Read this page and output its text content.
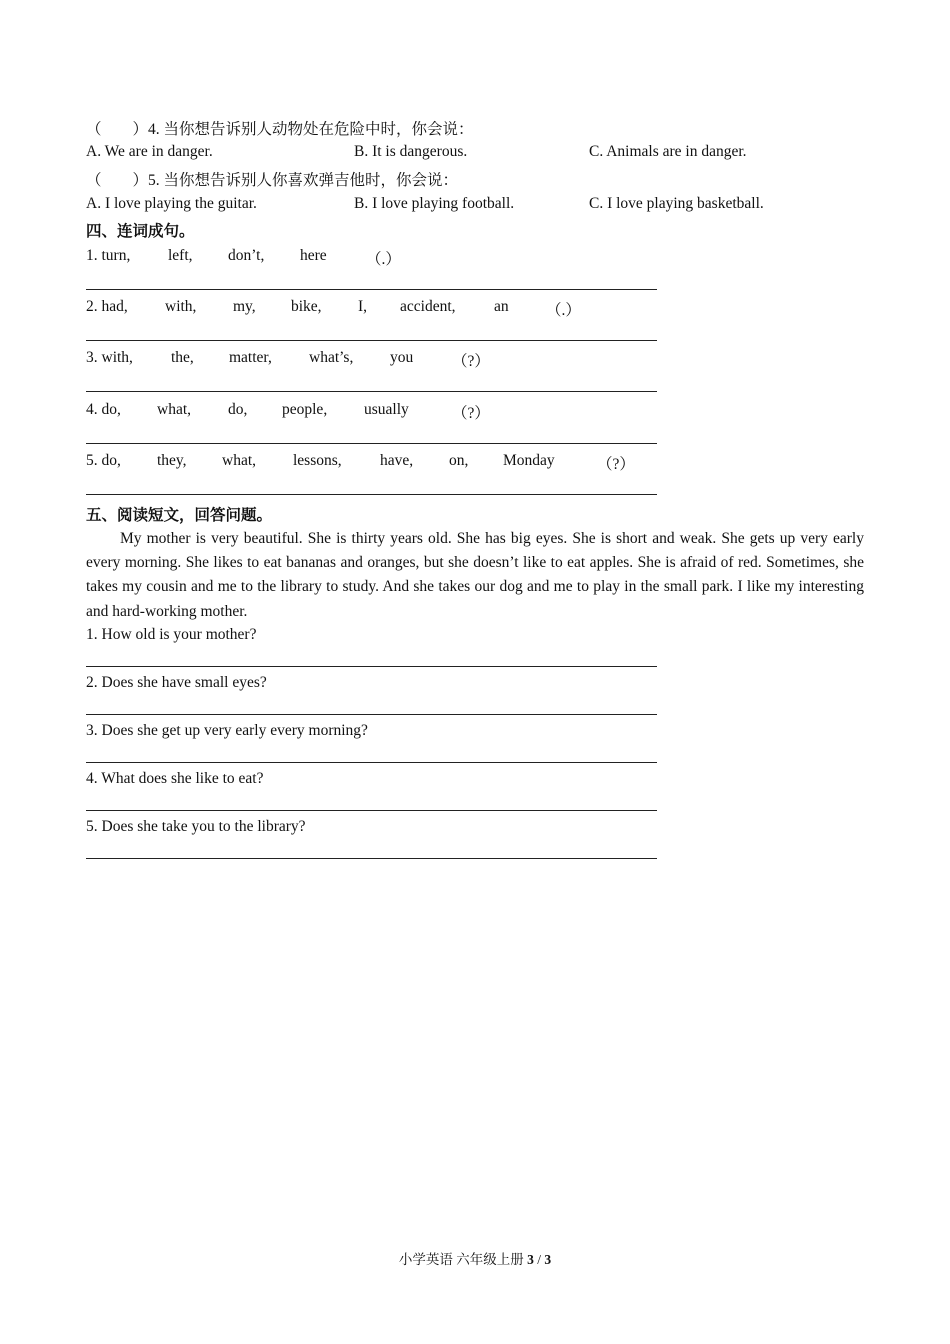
（　　）4. 当你想告诉别人动物处在危险中时，你会说：
A. We are in danger.	B. It is dangerous.	C. Animals are in danger.
（　　）5. 当你想告诉别人你喜欢弹吉他时，你会说：
A. I love playing the guitar.	B. I love playing football.	C. I love playing basketball.
四、连词成句。
1. turn, left, don’t, here	（.）
2. had, with, my, bike, I, accident, an （.）
3. with, the, matter, what’s, you	（?）
4. do, what, do, people, usually	（?）
5. do, they, what, lessons, have, on, Monday	（?）
五、阅读短文，回答问题。
My mother is very beautiful. She is thirty years old. She has big eyes. She is short and weak. She gets up very early every morning. She likes to eat bananas and oranges, but she doesn’t like to eat apples. She is afraid of red. Sometimes, she takes my cousin and me to the library to study. And she takes our dog and me to play in the small park. I like my interesting and hard-working mother.
1. How old is your mother?
2. Does she have small eyes?
3. Does she get up very early every morning?
4. What does she like to eat?
5. Does she take you to the library?
小学英语 六年级上册 3 / 3
